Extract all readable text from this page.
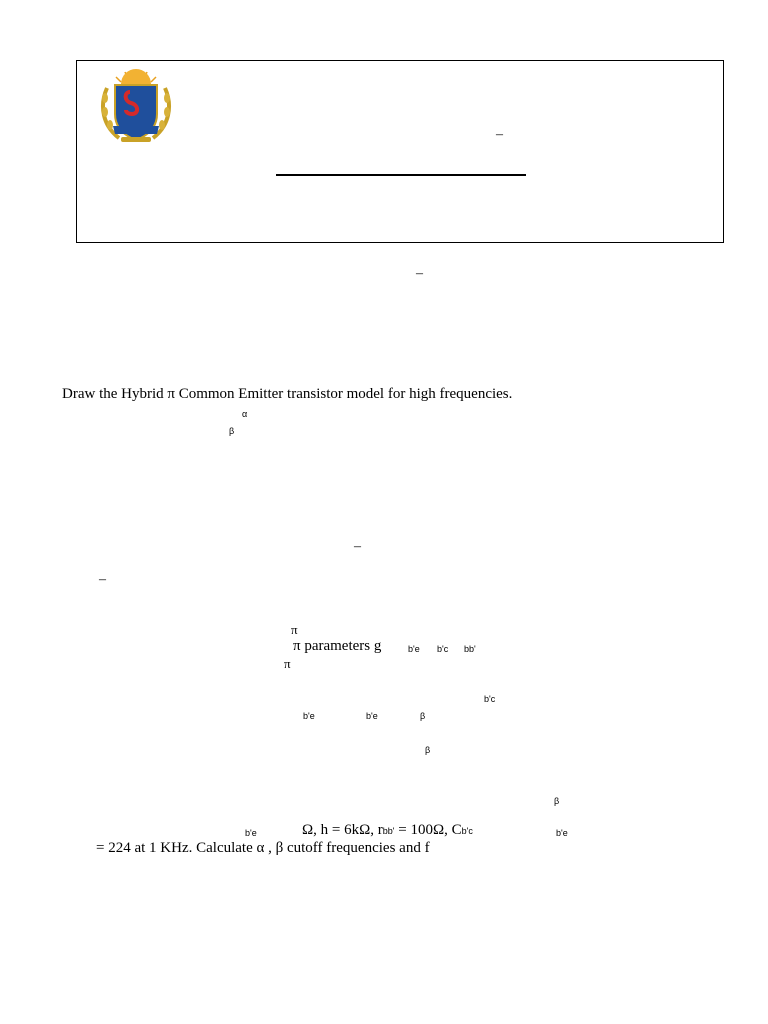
–
–
Draw the Hybrid π Common Emitter transistor model for high frequencies.
α
β
–
–
π
π parameters g	b'e b'c bb'
π
b'c
b'e	b'e	β
β
β
b'e	Ω, h = 6kΩ, rbb' = 100Ω, Cb'c	b'e
= 224 at 1 KHz. Calculate α , β cutoff frequencies and f
